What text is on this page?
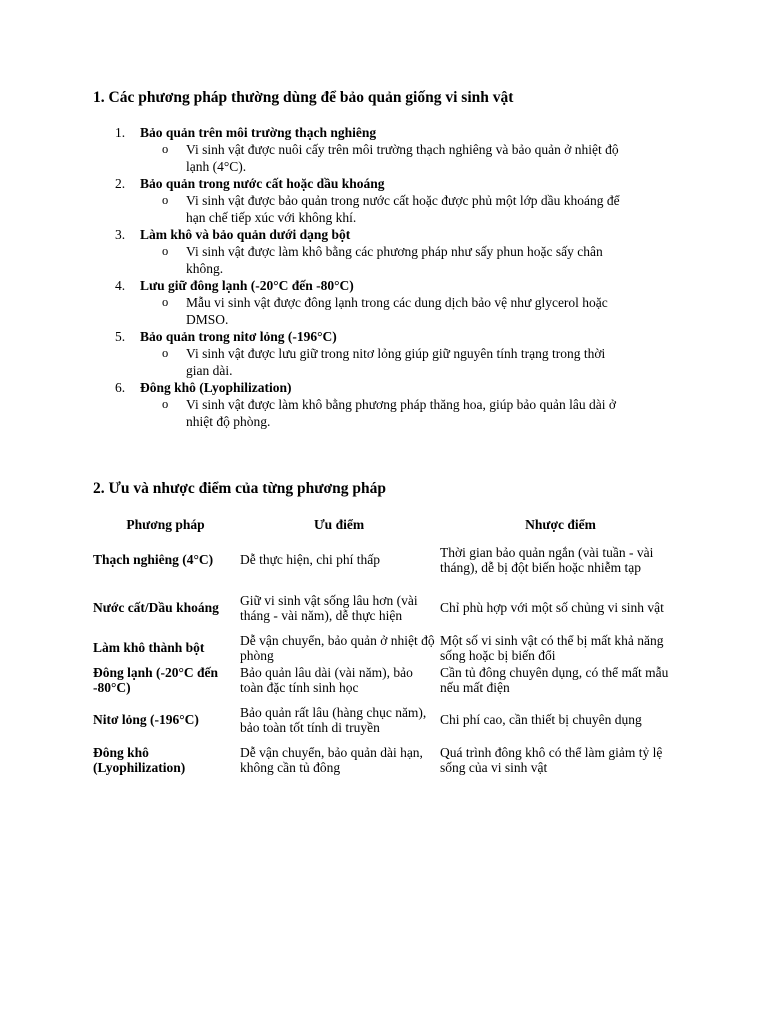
1. Các phương pháp thường dùng để bảo quản giống vi sinh vật
1. Bảo quản trên môi trường thạch nghiêng
o Vi sinh vật được nuôi cấy trên môi trường thạch nghiêng và bảo quản ở nhiệt độ lạnh (4°C).
2. Bảo quản trong nước cất hoặc dầu khoáng
o Vi sinh vật được bảo quản trong nước cất hoặc được phủ một lớp dầu khoáng để hạn chế tiếp xúc với không khí.
3. Làm khô và bảo quản dưới dạng bột
o Vi sinh vật được làm khô bằng các phương pháp như sấy phun hoặc sấy chân không.
4. Lưu giữ đông lạnh (-20°C đến -80°C)
o Mẫu vi sinh vật được đông lạnh trong các dung dịch bảo vệ như glycerol hoặc DMSO.
5. Bảo quản trong nitơ lỏng (-196°C)
o Vi sinh vật được lưu giữ trong nitơ lỏng giúp giữ nguyên tính trạng trong thời gian dài.
6. Đông khô (Lyophilization)
o Vi sinh vật được làm khô bằng phương pháp thăng hoa, giúp bảo quản lâu dài ở nhiệt độ phòng.
2. Ưu và nhược điểm của từng phương pháp
Phương pháp	Ưu điểm	Nhược điểm
Thạch nghiêng (4°C)	Dễ thực hiện, chi phí thấp	Thời gian bảo quản ngắn (vài tuần - vài tháng), dễ bị đột biến hoặc nhiễm tạp
Nước cất/Dầu khoáng	Giữ vi sinh vật sống lâu hơn (vài tháng - vài năm), dễ thực hiện	Chỉ phù hợp với một số chủng vi sinh vật
Làm khô thành bột	Dễ vận chuyển, bảo quản ở nhiệt độ phòng	Một số vi sinh vật có thể bị mất khả năng sống hoặc bị biến đổi
Đông lạnh (-20°C đến -80°C)	Bảo quản lâu dài (vài năm), bảo toàn đặc tính sinh học	Cần tủ đông chuyên dụng, có thể mất mẫu nếu mất điện
Nitơ lỏng (-196°C)	Bảo quản rất lâu (hàng chục năm), bảo toàn tốt tính di truyền	Chi phí cao, cần thiết bị chuyên dụng
Đông khô (Lyophilization)	Dễ vận chuyển, bảo quản dài hạn, không cần tủ đông	Quá trình đông khô có thể làm giảm tỷ lệ sống của vi sinh vật
